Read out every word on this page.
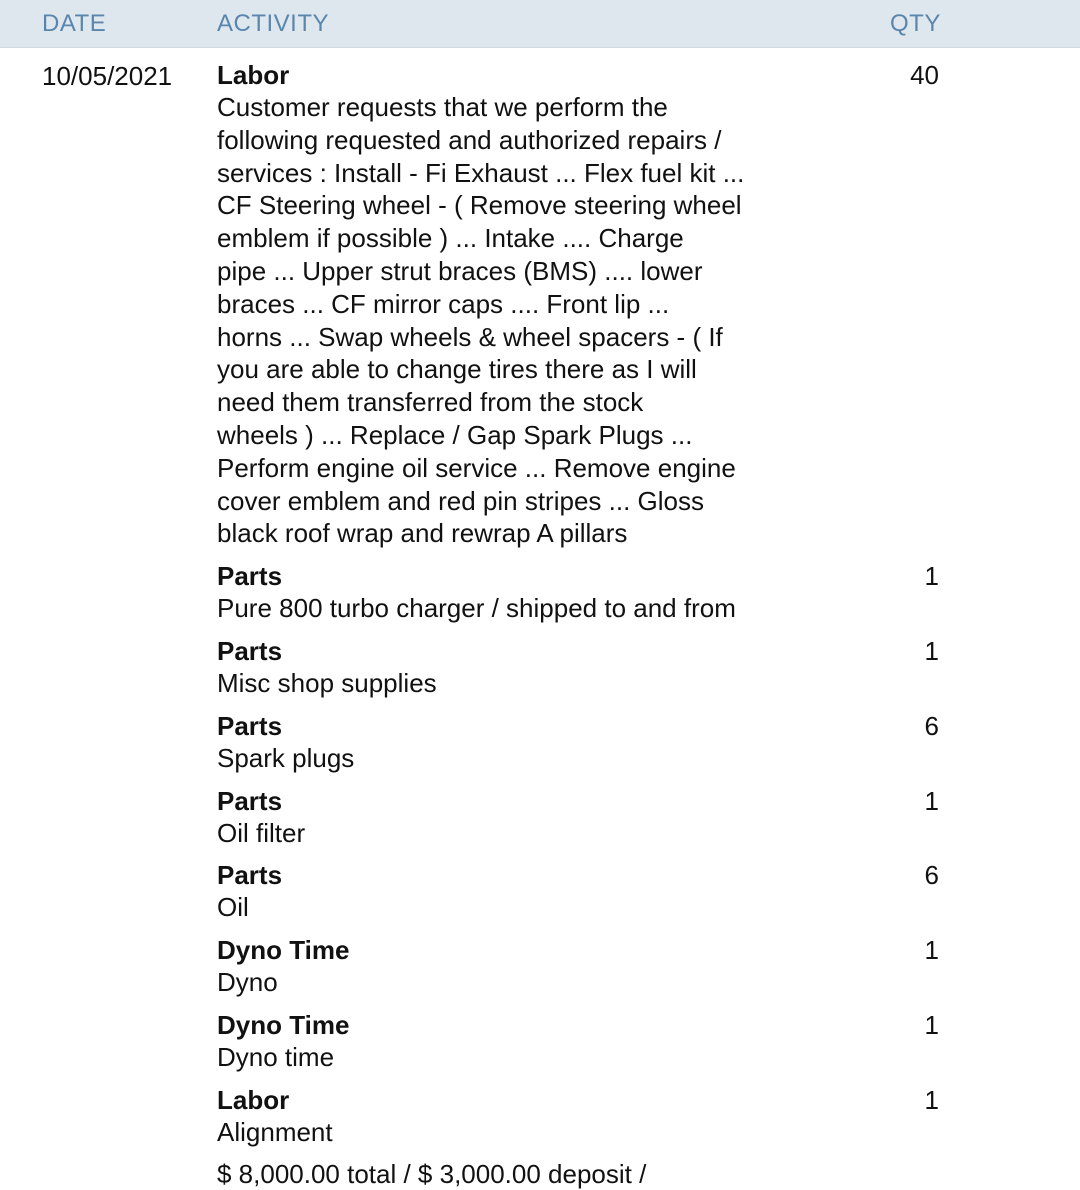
DATE	ACTIVITY	QTY
10/05/2021 Labor
Customer requests that we perform the
following requested and authorized repairs /
services : Install - Fi Exhaust ... Flex fuel kit ...
CF Steering wheel - ( Remove steering wheel
emblem if possible ) ... Intake .... Charge
pipe ... Upper strut braces (BMS) .... lower
braces ... CF mirror caps .... Front lip ...
horns ... Swap wheels & wheel spacers - ( If
you are able to change tires there as I will
need them transferred from the stock
wheels ) ... Replace / Gap Spark Plugs ...
Perform engine oil service ... Remove engine
cover emblem and red pin stripes ... Gloss
black roof wrap and rewrap A pillars
40
Parts
Pure 800 turbo charger / shipped to and from
1
Parts
Misc shop supplies
1
Parts
Spark plugs
6
Parts
Oil filter
1
Parts
Oil
6
Dyno Time
Dyno
1
Dyno Time
Dyno time
1
Labor
Alignment
1
$ 8,000.00 total / $ 3,000.00 deposit /
